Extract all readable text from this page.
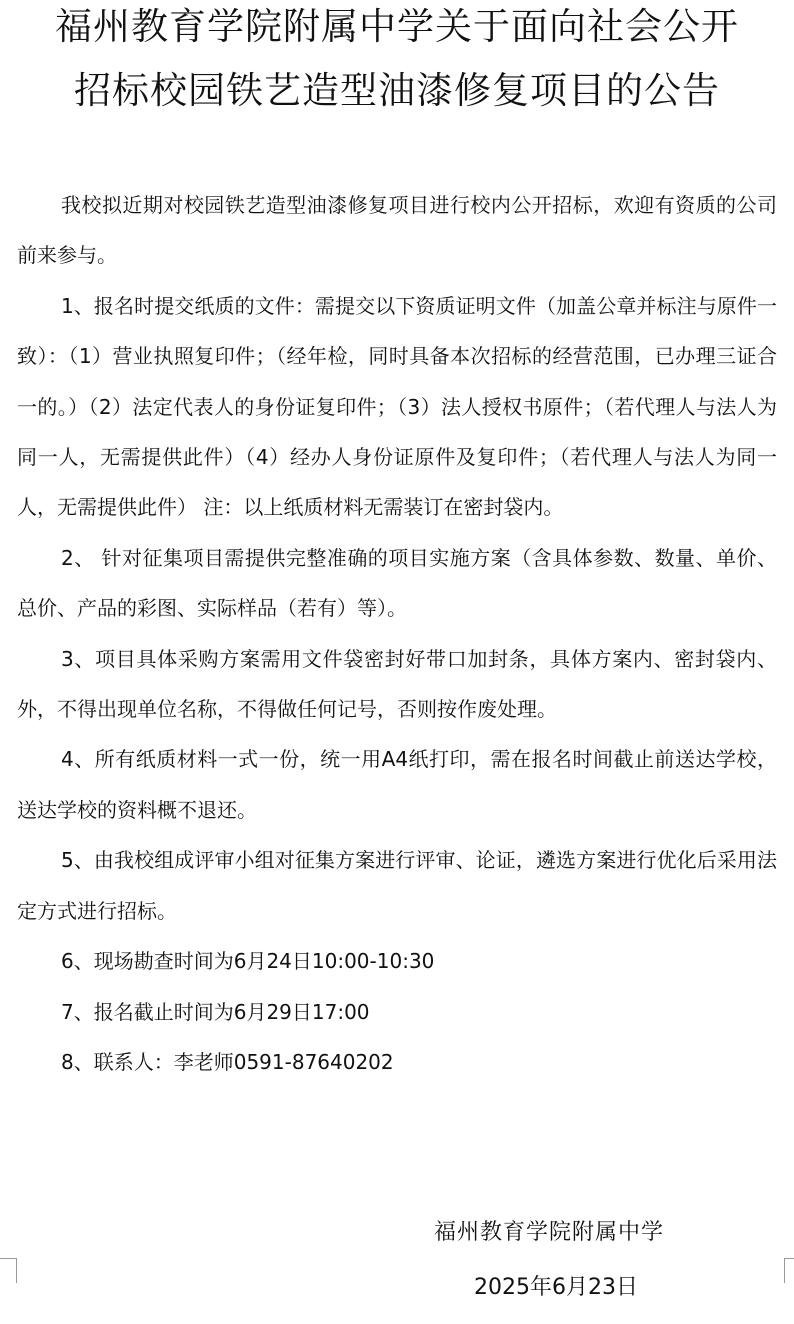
福州教育学院附属中学关于面向社会公开
招标校园铁艺造型油漆修复项目的公告

我校拟近期对校园铁艺造型油漆修复项目进行校内公开招标，欢迎有资质的公司前来参与。

1、报名时提交纸质的文件：需提交以下资质证明文件（加盖公章并标注与原件一致）：（1）营业执照复印件；（经年检，同时具备本次招标的经营范围，已办理三证合一的。）（2）法定代表人的身份证复印件；（3）法人授权书原件；（若代理人与法人为同一人，无需提供此件）（4）经办人身份证原件及复印件；（若代理人与法人为同一人，无需提供此件） 注：以上纸质材料无需装订在密封袋内。

2、 针对征集项目需提供完整准确的项目实施方案（含具体参数、数量、单价、总价、产品的彩图、实际样品（若有）等）。

3、项目具体采购方案需用文件袋密封好带口加封条，具体方案内、密封袋内、外，不得出现单位名称，不得做任何记号，否则按作废处理。

4、所有纸质材料一式一份，统一用A4纸打印，需在报名时间截止前送达学校，送达学校的资料概不退还。

5、由我校组成评审小组对征集方案进行评审、论证，遴选方案进行优化后采用法定方式进行招标。

6、现场勘查时间为6月24日10:00-10:30

7、报名截止时间为6月29日17:00

8、联系人：李老师0591-87640202

福州教育学院附属中学
2025年6月23日
